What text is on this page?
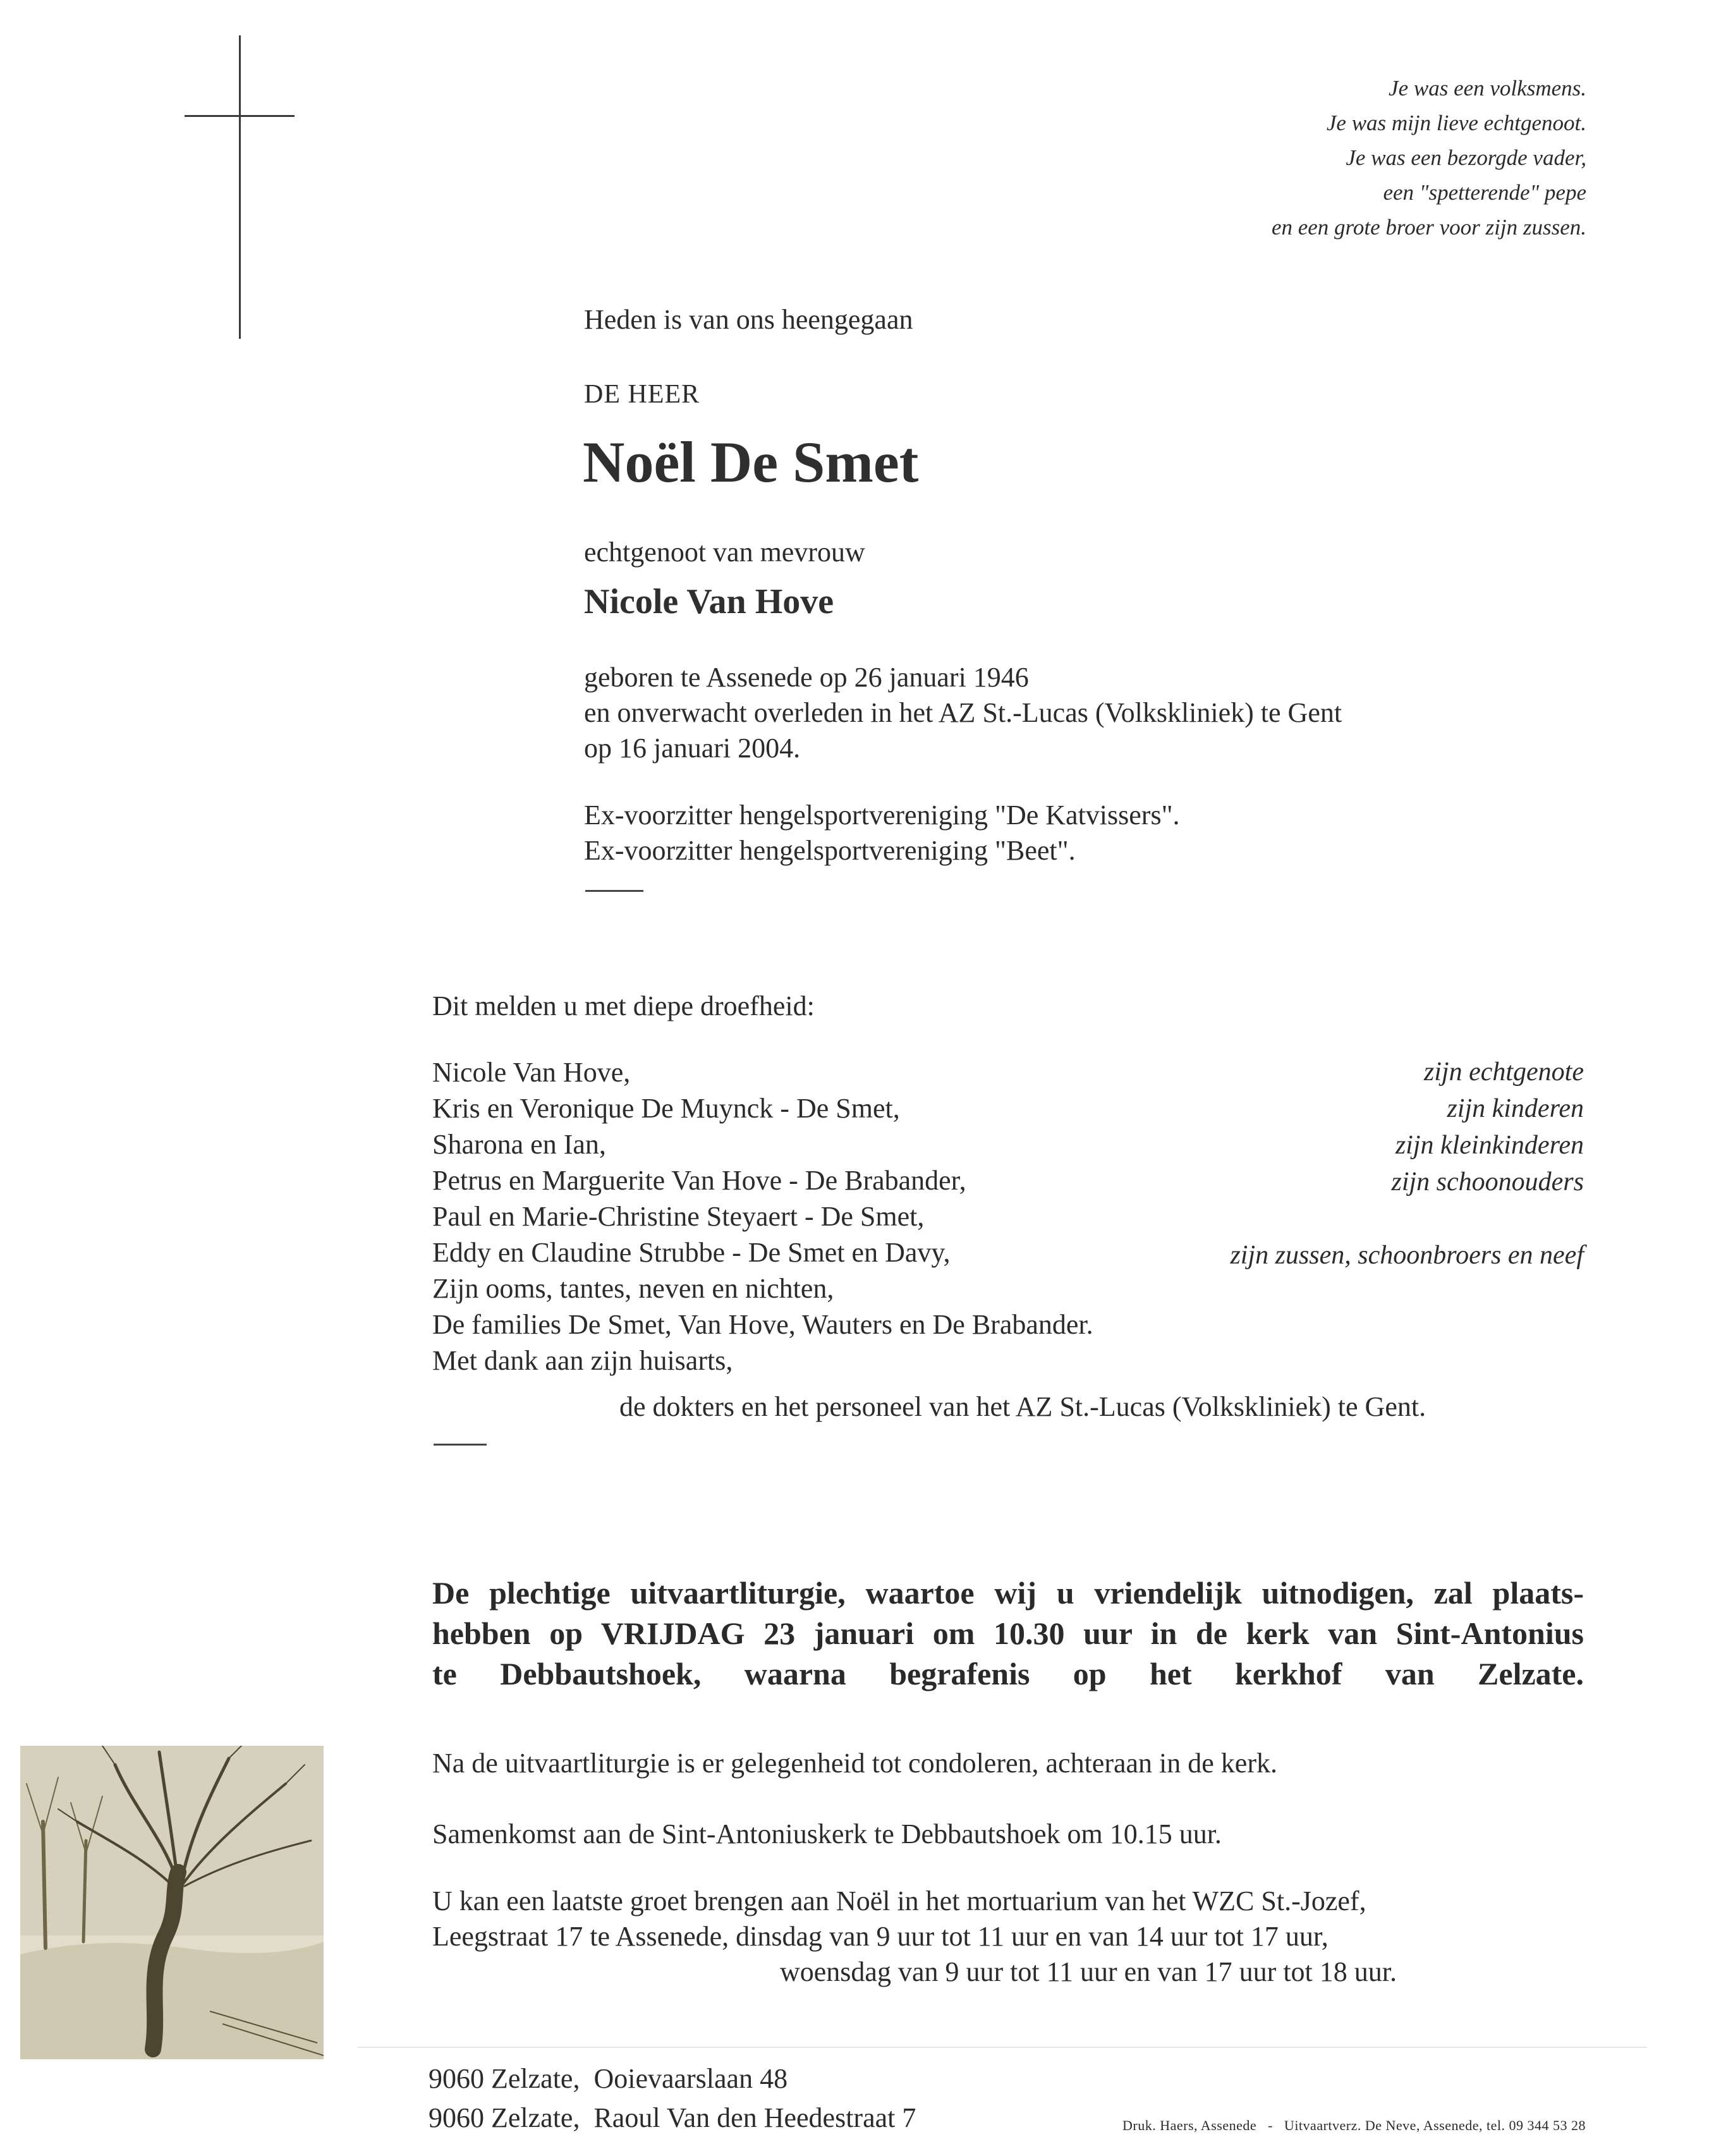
Je was een volksmens.
Je was mijn lieve echtgenoot.
Je was een bezorgde vader,
een "spetterende" pepe
en een grote broer voor zijn zussen.
Heden is van ons heengegaan
DE HEER
Noël De Smet
echtgenoot van mevrouw
Nicole Van Hove
geboren te Assenede op 26 januari 1946
en onverwacht overleden in het AZ St.-Lucas (Volkskliniek) te Gent
op 16 januari 2004.
Ex-voorzitter hengelsportvereniging "De Katvissers".
Ex-voorzitter hengelsportvereniging "Beet".
Dit melden u met diepe droefheid:
Nicole Van Hove,
Kris en Veronique De Muynck - De Smet,
Sharona en Ian,
Petrus en Marguerite Van Hove - De Brabander,
Paul en Marie-Christine Steyaert - De Smet,
Eddy en Claudine Strubbe - De Smet en Davy,
Zijn ooms, tantes, neven en nichten,
De families De Smet, Van Hove, Wauters en De Brabander.
Met dank aan zijn huisarts,
de dokters en het personeel van het AZ St.-Lucas (Volkskliniek) te Gent.
zijn echtgenote
zijn kinderen
zijn kleinkinderen
zijn schoonouders
zijn zussen, schoonbroers en neef
De plechtige uitvaartliturgie, waartoe wij u vriendelijk uitnodigen, zal plaats-
hebben op VRIJDAG 23 januari om 10.30 uur in de kerk van Sint-Antonius
te Debbautshoek, waarna begrafenis op het kerkhof van Zelzate.
Na de uitvaartliturgie is er gelegenheid tot condoleren, achteraan in de kerk.
Samenkomst aan de Sint-Antoniuskerk te Debbautshoek om 10.15 uur.
U kan een laatste groet brengen aan Noël in het mortuarium van het WZC St.-Jozef,
Leegstraat 17 te Assenede, dinsdag van 9 uur tot 11 uur en van 14 uur tot 17 uur,
woensdag van 9 uur tot 11 uur en van 17 uur tot 18 uur.
9060 Zelzate,  Ooievaarslaan 48
9060 Zelzate,  Raoul Van den Heedestraat 7	Druk. Haers, Assenede   -   Uitvaartverz. De Neve, Assenede, tel. 09 344 53 28
